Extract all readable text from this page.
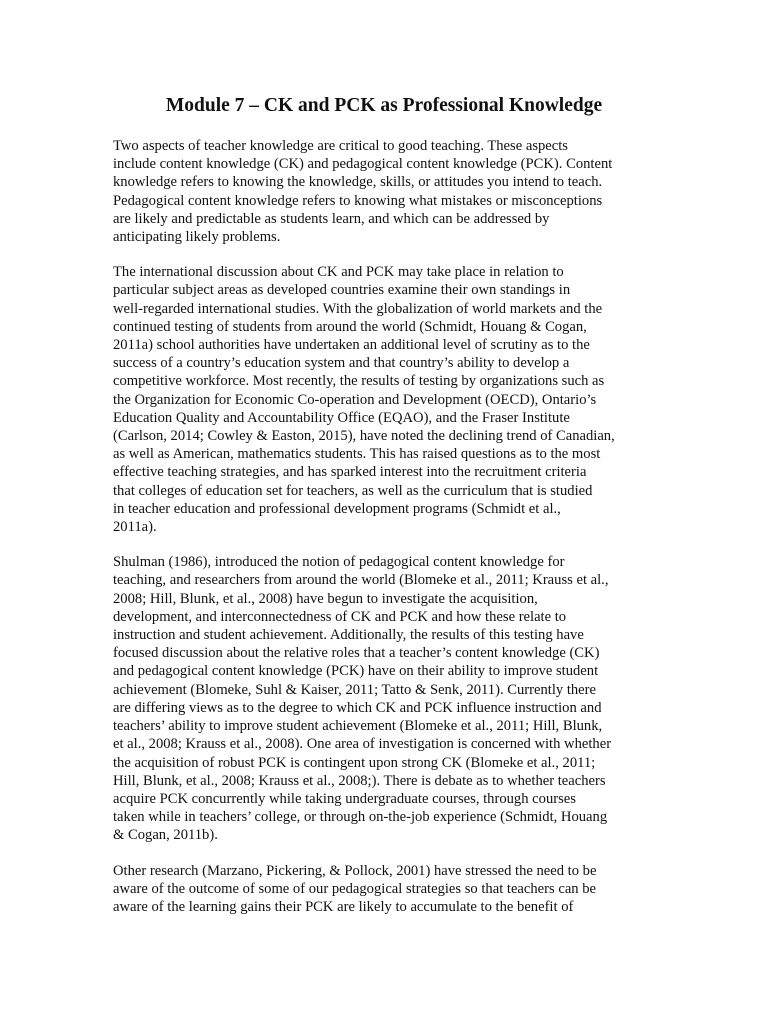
Module 7 – CK and PCK as Professional Knowledge

Two aspects of teacher knowledge are critical to good teaching. These aspects
include content knowledge (CK) and pedagogical content knowledge (PCK). Content
knowledge refers to knowing the knowledge, skills, or attitudes you intend to teach.
Pedagogical content knowledge refers to knowing what mistakes or misconceptions
are likely and predictable as students learn, and which can be addressed by
anticipating likely problems.

The international discussion about CK and PCK may take place in relation to
particular subject areas as developed countries examine their own standings in
well-regarded international studies. With the globalization of world markets and the
continued testing of students from around the world (Schmidt, Houang & Cogan,
2011a) school authorities have undertaken an additional level of scrutiny as to the
success of a country’s education system and that country’s ability to develop a
competitive workforce. Most recently, the results of testing by organizations such as
the Organization for Economic Co-operation and Development (OECD), Ontario’s
Education Quality and Accountability Office (EQAO), and the Fraser Institute
(Carlson, 2014; Cowley & Easton, 2015), have noted the declining trend of Canadian,
as well as American, mathematics students. This has raised questions as to the most
effective teaching strategies, and has sparked interest into the recruitment criteria
that colleges of education set for teachers, as well as the curriculum that is studied
in teacher education and professional development programs (Schmidt et al.,
2011a).

Shulman (1986), introduced the notion of pedagogical content knowledge for
teaching, and researchers from around the world (Blomeke et al., 2011; Krauss et al.,
2008; Hill, Blunk, et al., 2008) have begun to investigate the acquisition,
development, and interconnectedness of CK and PCK and how these relate to
instruction and student achievement. Additionally, the results of this testing have
focused discussion about the relative roles that a teacher’s content knowledge (CK)
and pedagogical content knowledge (PCK) have on their ability to improve student
achievement (Blomeke, Suhl & Kaiser, 2011; Tatto & Senk, 2011). Currently there
are differing views as to the degree to which CK and PCK influence instruction and
teachers’ ability to improve student achievement (Blomeke et al., 2011; Hill, Blunk,
et al., 2008; Krauss et al., 2008). One area of investigation is concerned with whether
the acquisition of robust PCK is contingent upon strong CK (Blomeke et al., 2011;
Hill, Blunk, et al., 2008; Krauss et al., 2008;). There is debate as to whether teachers
acquire PCK concurrently while taking undergraduate courses, through courses
taken while in teachers’ college, or through on-the-job experience (Schmidt, Houang
& Cogan, 2011b).

Other research (Marzano, Pickering, & Pollock, 2001) have stressed the need to be
aware of the outcome of some of our pedagogical strategies so that teachers can be
aware of the learning gains their PCK are likely to accumulate to the benefit of
